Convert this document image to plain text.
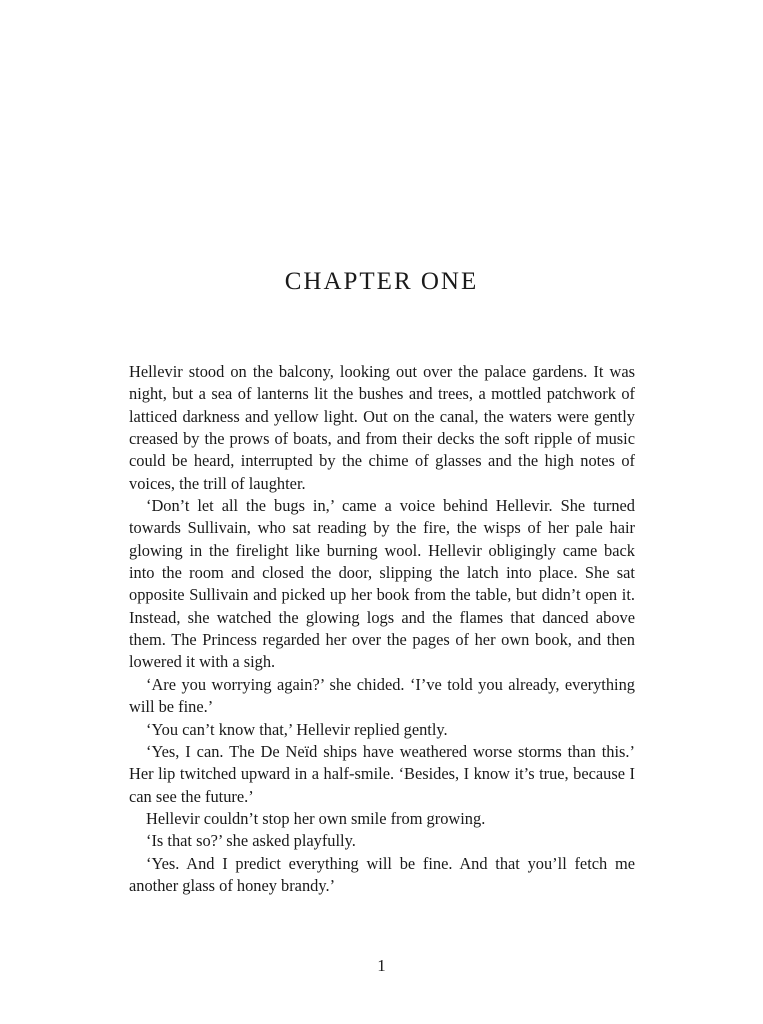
CHAPTER ONE

Hellevir stood on the balcony, looking out over the palace gardens. It was night, but a sea of lanterns lit the bushes and trees, a mottled patchwork of latticed darkness and yellow light. Out on the canal, the waters were gently creased by the prows of boats, and from their decks the soft ripple of music could be heard, interrupted by the chime of glasses and the high notes of voices, the trill of laughter.

‘Don’t let all the bugs in,’ came a voice behind Hellevir. She turned towards Sullivain, who sat reading by the fire, the wisps of her pale hair glowing in the firelight like burning wool. Hellevir obligingly came back into the room and closed the door, slipping the latch into place. She sat opposite Sullivain and picked up her book from the table, but didn’t open it. Instead, she watched the glowing logs and the flames that danced above them. The Princess regarded her over the pages of her own book, and then lowered it with a sigh.

‘Are you worrying again?’ she chided. ‘I’ve told you already, everything will be fine.’

‘You can’t know that,’ Hellevir replied gently.

‘Yes, I can. The De Neïd ships have weathered worse storms than this.’ Her lip twitched upward in a half-smile. ‘Besides, I know it’s true, because I can see the future.’

Hellevir couldn’t stop her own smile from growing.

‘Is that so?’ she asked playfully.

‘Yes. And I predict everything will be fine. And that you’ll fetch me another glass of honey brandy.’

1
